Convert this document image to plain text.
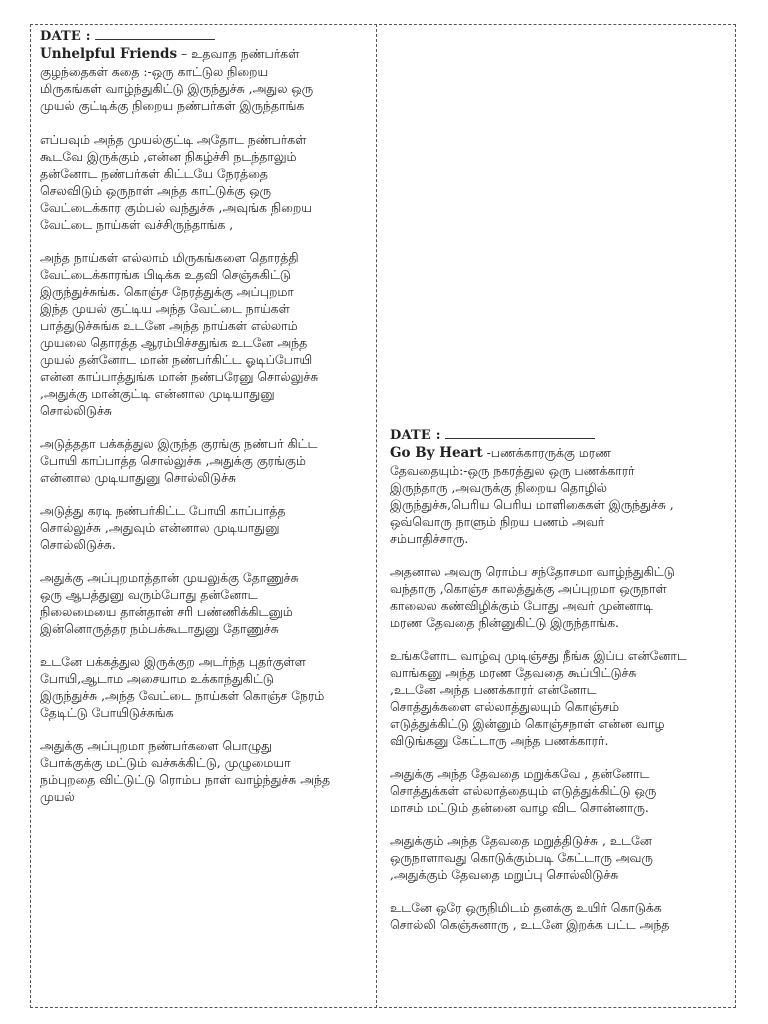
DATE :
Unhelpful Friends – உதவாத நண்பர்கள்

குழந்தைகள் கதை :-ஒரு காட்டுல நிறைய
மிருகங்கள் வாழ்ந்துகிட்டு இருந்துச்சு ,அதுல ஒரு
முயல் குட்டிக்கு நிறைய நண்பர்கள் இருந்தாங்க

எப்பவும் அந்த முயல்குட்டி அதோட நண்பர்கள்
கூடவே இருக்கும் ,என்ன நிகழ்ச்சி நடந்தாலும்
தன்னோட நண்பர்கள் கிட்டயே நேரத்தை
செலவிடும் ஒருநாள் அந்த காட்டுக்கு ஒரு
வேட்டைக்கார கும்பல் வந்துச்சு ,அவுங்க நிறைய
வேட்டை நாய்கள் வச்சிருந்தாங்க ,

அந்த நாய்கள் எல்லாம் மிருகங்களை தொரத்தி
வேட்டைக்காரங்க பிடிக்க உதவி செஞ்சுகிட்டு
இருந்துச்சுங்க. கொஞ்ச நேரத்துக்கு அப்புறமா
இந்த முயல் குட்டிய அந்த வேட்டை நாய்கள்
பாத்துடுச்சுங்க உடனே அந்த நாய்கள் எல்லாம்
முயலை தொரத்த ஆரம்பிச்சதுங்க உடனே அந்த
முயல் தன்னோட மான் நண்பர்கிட்ட ஓடிப்போயி
என்ன காப்பாத்துங்க மான் நண்பரேனு சொல்லுச்சு
,அதுக்கு மான்குட்டி என்னால முடியாதுனு
சொல்லிடுச்சு

அடுத்ததா பக்கத்துல இருந்த குரங்கு நண்பர் கிட்ட
போயி காப்பாத்த சொல்லுச்சு ,அதுக்கு குரங்கும்
என்னால முடியாதுனு சொல்லிடுச்சு

அடுத்து கரடி நண்பர்கிட்ட போயி காப்பாத்த
சொல்லுச்சு ,அதுவும் என்னால முடியாதுனு
சொல்லிடுச்சு.

அதுக்கு அப்புறமாத்தான் முயலுக்கு தோணுச்சு
ஒரு ஆபத்துனு வரும்போது தன்னோட
நிலைமையை தான்தான் சரி பண்ணிக்கிடனும்
இன்னொருத்தர நம்பக்கூடாதுனு தோணுச்சு

உடனே பக்கத்துல இருக்குற அடர்ந்த புதர்குள்ள
போயி,ஆடாம அசையாம உக்காந்துகிட்டு
இருந்துச்சு ,அந்த வேட்டை நாய்கள் கொஞ்ச நேரம்
தேடிட்டு போயிடுச்சுங்க

அதுக்கு அப்புறமா நண்பர்களை பொழுது
போக்குக்கு மட்டும் வச்சுக்கிட்டு, முழுமையா
நம்புறதை விட்டுட்டு ரொம்ப நாள் வாழ்ந்துச்சு அந்த
முயல்

DATE :
Go By Heart -பணக்காரருக்கு மரண

தேவதையும்:-ஒரு நகரத்துல ஒரு பணக்காரர்
இருந்தாரு ,அவருக்கு நிறைய தொழில்
இருந்துச்சு,பெரிய பெரிய மாளிகைகள் இருந்துச்சு ,
ஒவ்வொரு நாளும் நிறய பணம் அவர்
சம்பாதிச்சாரு.

அதனால அவரு ரொம்ப சந்தோசமா வாழ்ந்துகிட்டு
வந்தாரு ,கொஞ்ச காலத்துக்கு அப்புறமா ஒருநாள்
காலைல கண்விழிக்கும் போது அவர் முன்னாடி
மரண தேவதை நின்னுகிட்டு இருந்தாங்க.

உங்களோட வாழ்வு முடிஞ்சது நீங்க இப்ப என்னோட
வாங்கனு அந்த மரண தேவதை கூப்பிட்டுச்சு
,உடனே அந்த பணக்காரர் என்னோட
சொத்துக்களை எல்லாத்துலயும் கொஞ்சம்
எடுத்துக்கிட்டு இன்னும் கொஞ்சநாள் என்ன வாழ
விடுங்கனு கேட்டாரு அந்த பணக்காரர்.

அதுக்கு அந்த தேவதை மறுக்கவே , தன்னோட
சொத்துக்கள் எல்லாத்தையும் எடுத்துக்கிட்டு ஒரு
மாசம் மட்டும் தன்னை வாழ விட சொன்னாரு.

அதுக்கும் அந்த தேவதை மறுத்திடுச்சு , உடனே
ஒருநாளாவது கொடுக்கும்படி கேட்டாரு அவரு
,அதுக்கும் தேவதை மறுப்பு சொல்லிடுச்சு

உடனே ஒரே ஒருநிமிடம் தனக்கு உயிர் கொடுக்க
சொல்லி கெஞ்சுனாரு , உடனே இறக்க பட்ட அந்த
